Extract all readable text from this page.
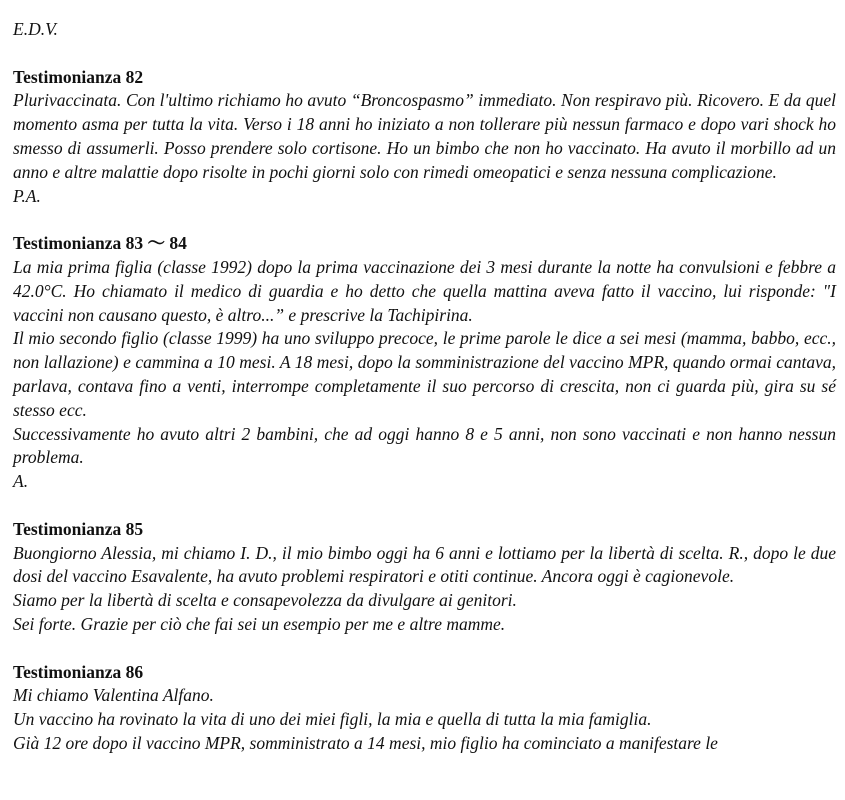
E.D.V.

Testimonianza 82

Plurivaccinata. Con l'ultimo richiamo ho avuto “Broncospasmo” immediato. Non respiravo più. Ricovero. E da quel momento asma per tutta la vita. Verso i 18 anni ho iniziato a non tollerare più nessun farmaco e dopo vari shock ho smesso di assumerli. Posso prendere solo cortisone. Ho un bimbo che non ho vaccinato. Ha avuto il morbillo ad un anno e altre malattie dopo risolte in pochi giorni solo con rimedi omeopatici e senza nessuna complicazione.

P.A.

Testimonianza 83 ～ 84

La mia prima figlia (classe 1992) dopo la prima vaccinazione dei 3 mesi durante la notte ha convulsioni e febbre a 42.0°C. Ho chiamato il medico di guardia e ho detto che quella mattina aveva fatto il vaccino, lui risponde: "I vaccini non causano questo, è altro...” e prescrive la Tachipirina.

Il mio secondo figlio (classe 1999) ha uno sviluppo precoce, le prime parole le dice a sei mesi (mamma, babbo, ecc., non lallazione) e cammina a 10 mesi. A 18 mesi, dopo la somministrazione del vaccino MPR, quando ormai cantava, parlava, contava fino a venti, interrompe completamente il suo percorso di crescita, non ci guarda più, gira su sé stesso ecc.

Successivamente ho avuto altri 2 bambini, che ad oggi hanno 8 e 5 anni, non sono vaccinati e non hanno nessun problema.

A.

Testimonianza 85

Buongiorno Alessia, mi chiamo I. D., il mio bimbo oggi ha 6 anni e lottiamo per la libertà di scelta. R., dopo le due dosi del vaccino Esavalente, ha avuto problemi respiratori e otiti continue. Ancora oggi è cagionevole.

Siamo per la libertà di scelta e consapevolezza da divulgare ai genitori.

Sei forte. Grazie per ciò che fai sei un esempio per me e altre mamme.

Testimonianza 86

Mi chiamo Valentina Alfano.

Un vaccino ha rovinato la vita di uno dei miei figli, la mia e quella di tutta la mia famiglia.

Già 12 ore dopo il vaccino MPR, somministrato a 14 mesi, mio figlio ha cominciato a manifestare le
